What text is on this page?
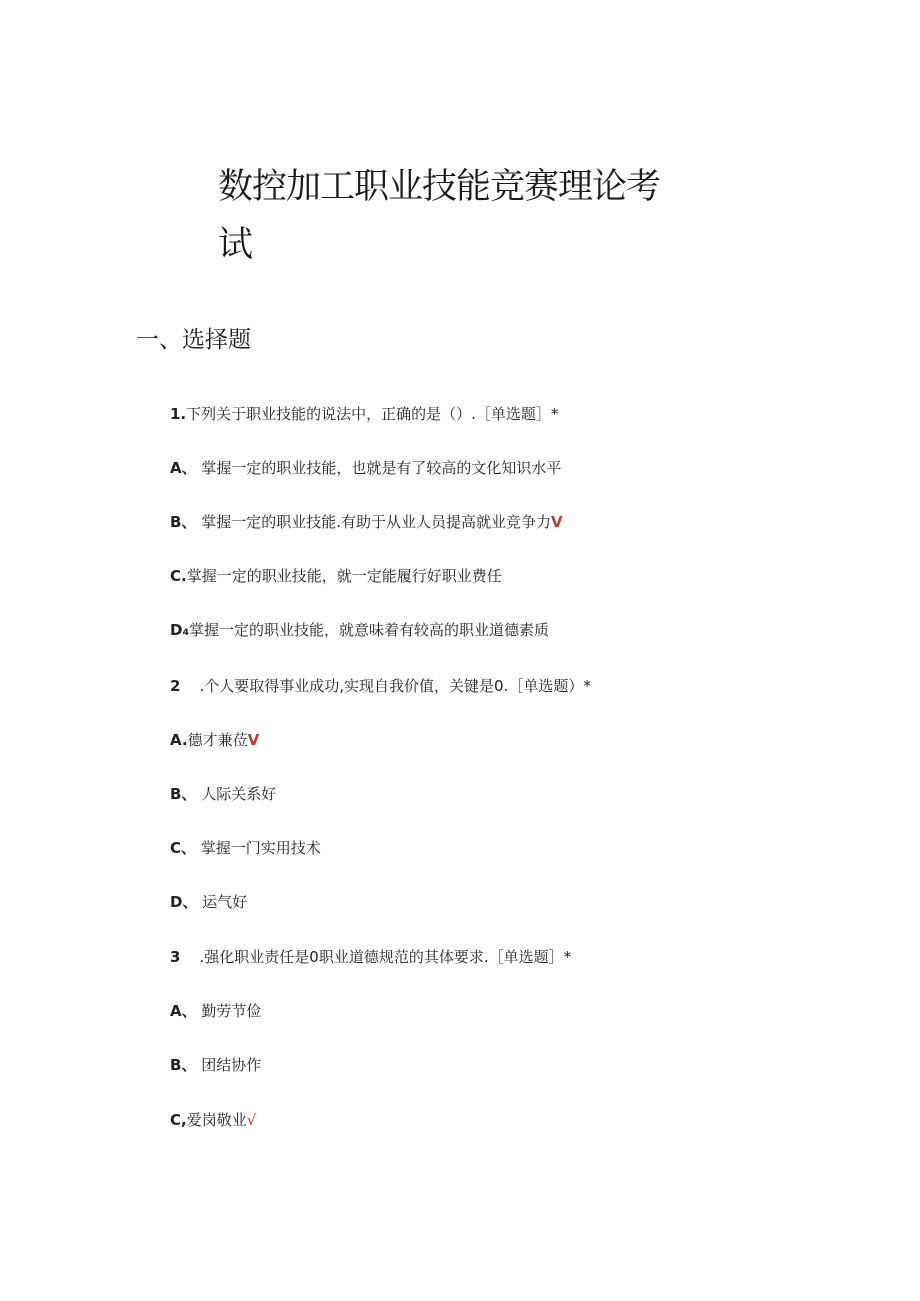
数控加工职业技能竞赛理论考试
一、选择题
1.下列关于职业技能的说法中，正确的是（）.［单选题］*
A、 掌握一定的职业技能，也就是有了较高的文化知识水平
B、 掌握一定的职业技能.有助于从业人员提高就业竞争力V
C.掌握一定的职业技能，就一定能履行好职业费任
D₄掌握一定的职业技能，就意味着有较高的职业道德素质
2 .个人要取得事业成功,实现自我价值，关键是0.［单选题）*
A.德才兼莅V
B、 人际关系好
C、 掌握一门实用技术
D、 运气好
3 .强化职业责任是0职业道德规范的其体要求.［单选题］*
A、 勤劳节俭
B、 团结协作
C,爱岗敬业√
